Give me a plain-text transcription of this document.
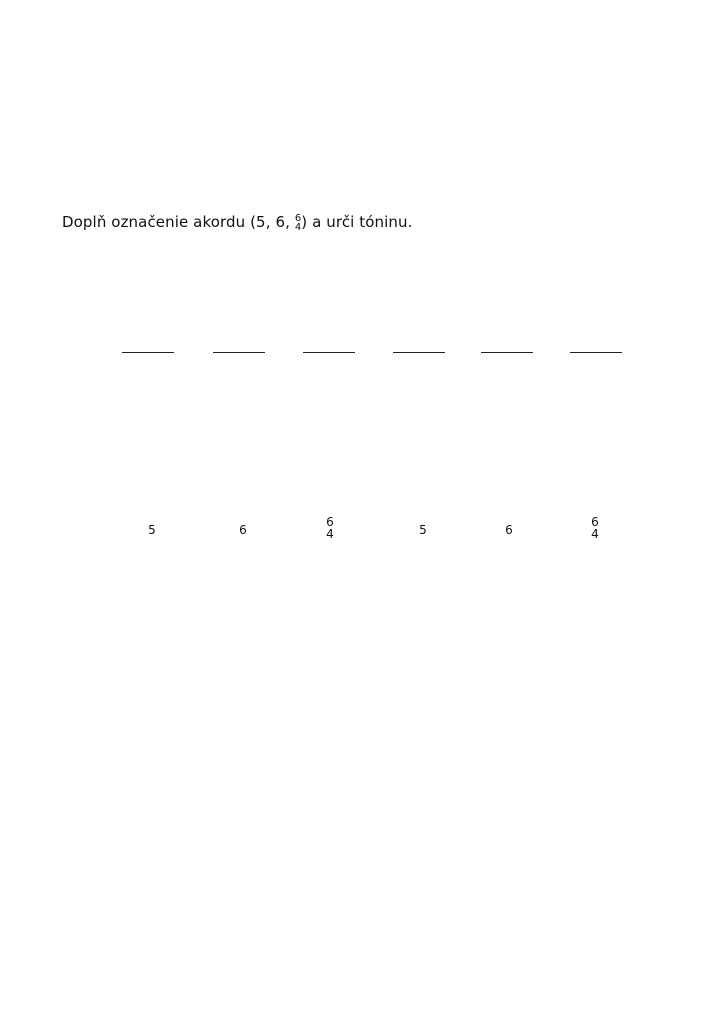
Doplň označenie akordu (5, 6, 6
4) a urči tóninu.
5	6
6
4	5	6
6
4
